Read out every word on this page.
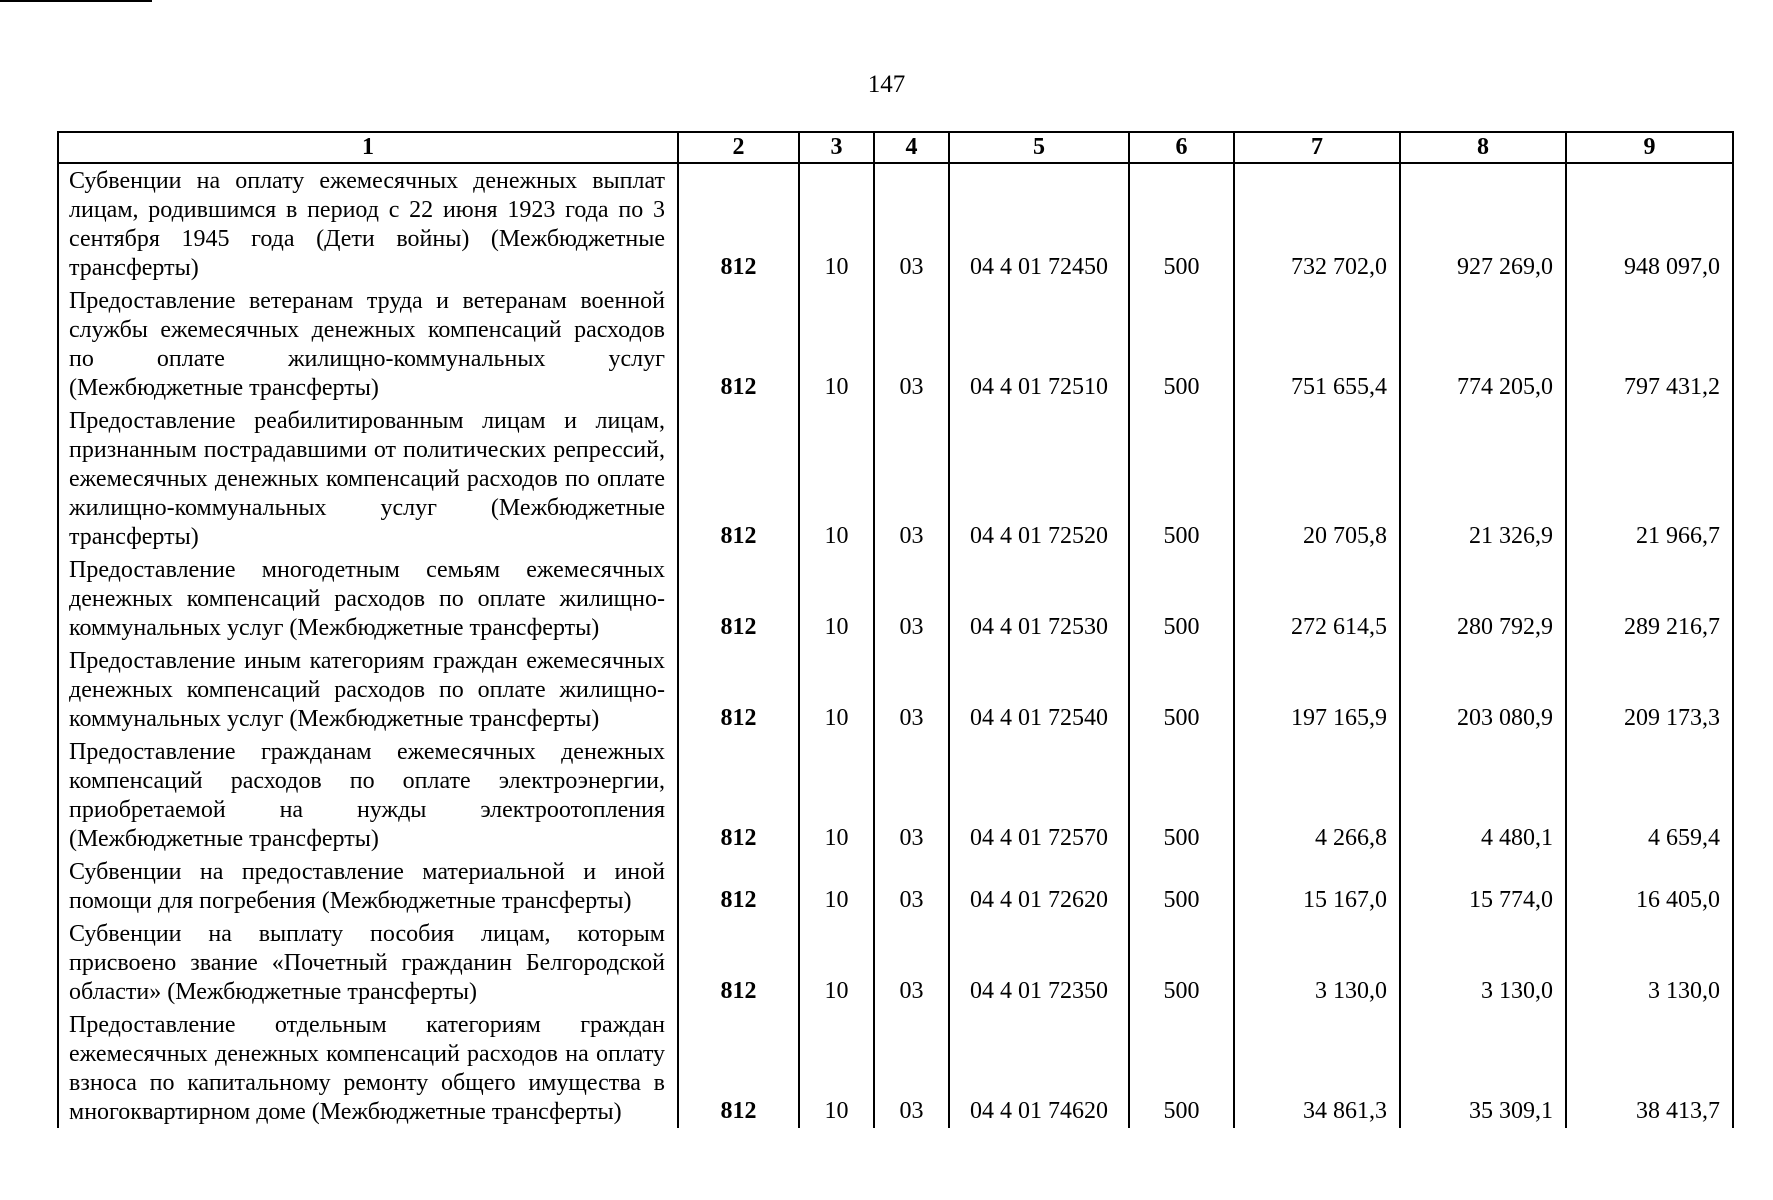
147
1	2	3	4	5	6	7	8	9

Субвенции на оплату ежемесячных денежных выплат лицам, родившимся в период с 22 июня 1923 года по 3 сентября 1945 года (Дети войны) (Межбюджетные трансферты)	812	10	03	04 4 01 72450	500	732 702,0	927 269,0	948 097,0

Предоставление ветеранам труда и ветеранам военной службы ежемесячных денежных компенсаций расходов по оплате жилищно-коммунальных услуг (Межбюджетные трансферты)	812	10	03	04 4 01 72510	500	751 655,4	774 205,0	797 431,2

Предоставление реабилитированным лицам и лицам, признанным пострадавшими от политических репрессий, ежемесячных денежных компенсаций расходов по оплате жилищно-коммунальных услуг (Межбюджетные трансферты)	812	10	03	04 4 01 72520	500	20 705,8	21 326,9	21 966,7

Предоставление многодетным семьям ежемесячных денежных компенсаций расходов по оплате жилищно-коммунальных услуг (Межбюджетные трансферты)	812	10	03	04 4 01 72530	500	272 614,5	280 792,9	289 216,7

Предоставление иным категориям граждан ежемесячных денежных компенсаций расходов по оплате жилищно-коммунальных услуг (Межбюджетные трансферты)	812	10	03	04 4 01 72540	500	197 165,9	203 080,9	209 173,3

Предоставление гражданам ежемесячных денежных компенсаций расходов по оплате электроэнергии, приобретаемой на нужды электроотопления (Межбюджетные трансферты)	812	10	03	04 4 01 72570	500	4 266,8	4 480,1	4 659,4

Субвенции на предоставление материальной и иной помощи для погребения (Межбюджетные трансферты)	812	10	03	04 4 01 72620	500	15 167,0	15 774,0	16 405,0

Субвенции на выплату пособия лицам, которым присвоено звание «Почетный гражданин Белгородской области» (Межбюджетные трансферты)	812	10	03	04 4 01 72350	500	3 130,0	3 130,0	3 130,0

Предоставление отдельным категориям граждан ежемесячных денежных компенсаций расходов на оплату взноса по капитальному ремонту общего имущества в многоквартирном доме (Межбюджетные трансферты)	812	10	03	04 4 01 74620	500	34 861,3	35 309,1	38 413,7
